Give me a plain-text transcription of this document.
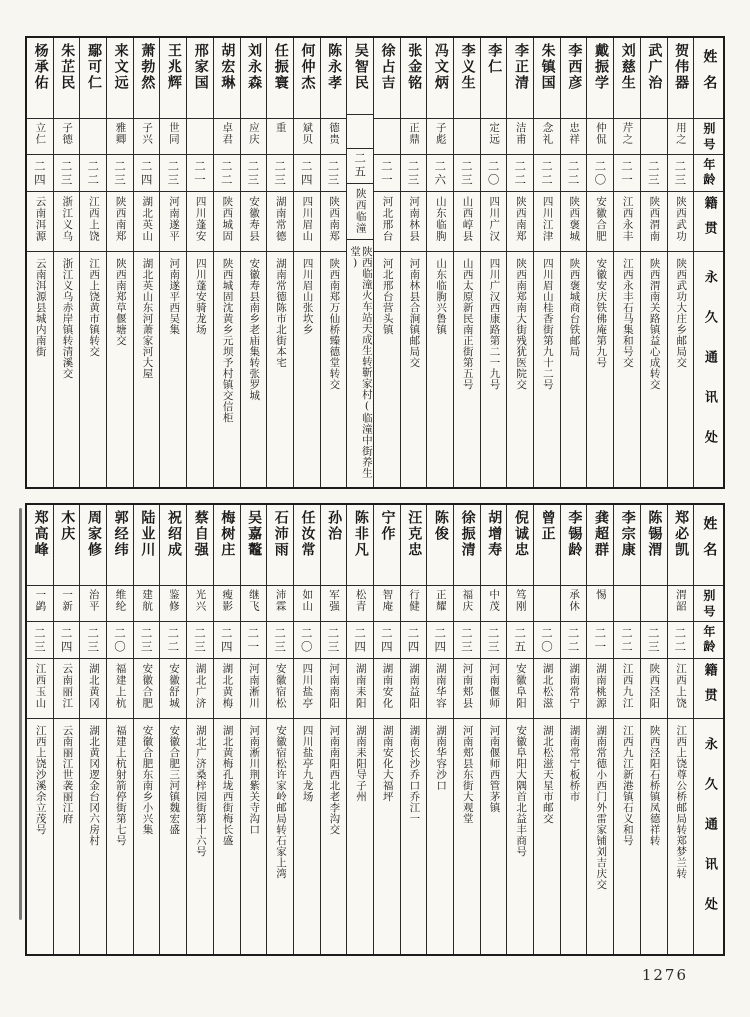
姓名
别号
年龄
籍贯
永久通讯处
贺伟器
用之
二三
陕西武功
陕西武功大庄乡邮局交
武广治
二三
陕西渭南
陕西渭南关路镇益心成转交
刘慈生
芹之
二一
江西永丰
江西永丰石马集和号交
戴振学
仲侃
二〇
安徽合肥
安徽安庆铁佛庵第九号
李西彦
忠祥
二二
陕西褒城
陕西褒城商台铁邮局
朱镇国
念礼
二二
四川江津
四川眉山桂香街第九十二号
李正清
洁甫
二二
陕西南郑
陕西南郑南大街残犹医院交
李仁
定远
二〇
四川广汉
四川广汉西康路第二一九号
李义生
二三
山西崞县
山西太原新民南正街第五号
冯文炳
子彪
二六
山东临朐
山东临朐兴鲁镇
张金铭
正鼎
二三
河南林县
河南林县合涧镇邮局交
徐占吉
二一
河北邢台
河北邢台营头镇
吴智民
二五
陕西临潼
陕西临潼火车站天成生转靳家村(临潼中街养生堂)
陈永孝
德贵
二三
陕西南郑
陕西南郑万仙桥臻德堂转交
何仲杰
斌贝
二四
四川眉山
四川眉山张坎乡
任振寰
重
二三
湖南常德
湖南常德陈市北街本宅
刘永森
应庆
二三
安徽寿县
安徽寿县南乡老庙集转张罗城
胡宏琳
卓君
二二
陕西城固
陕西城固沈黄乡元坝予村镇交信柜
邢家国
二一
四川蓬安
四川蓬安骑龙场
王兆辉
世同
二三
河南遂平
河南遂平西吴集
萧勃然
子兴
二四
湖北英山
湖北英山东河萧家河大屋
来文远
雅卿
二三
陕西南郑
陕西南郑草偃塘交
鄢可仁
二二
江西上饶
江西上饶黄市镇转交
朱芷民
子德
二三
浙江义乌
浙江义乌赤岸镇转清溪交
杨承佑
立仁
二四
云南洱源
云南洱源县城内南街
姓名
别号
年龄
籍贯
永久通讯处
郑必凯
渭韶
二二
江西上饶
江西上饶尊公桥邮局转郑梦兰转
陈锡渭
二三
陕西泾阳
陕西泾阳石桥镇凤德祥转
李宗康
二二
江西九江
江西九江新港镇石义和号
龚超群
惕
二一
湖南桃源
湖南常德小西门外雷家铺刘吉庆交
李锡龄
承休
二二
湖南常宁
湖南常宁板桥市
曾正
二〇
湖北松滋
湖北松滋天星市邮交
倪诚忠
笃刚
二五
安徽阜阳
安徽阜阳大隅首北益丰商号
胡增寿
中茂
二三
河南偃师
河南偃师西管茅镇
徐振清
福庆
二三
河南郏县
河南郏县东街大观堂
陈俊
正耀
二四
湖南华容
湖南华容沙口
汪克忠
行健
二四
湖南益阳
湖南长沙乔口乔江一
宁作
智庵
二四
湖南安化
湖南安化大福坪
陈非凡
松青
二四
湖南耒阳
湖南耒阳导子州
孙治
军强
二三
河南南阳
河南南阳西北老李沟交
任汝常
如山
二〇
四川盐亭
四川盐亭九龙场
石沛雨
沛霖
二三
安徽宿松
安徽宿松许家岭邮局转石家上湾
吴嘉鼇
继飞
二一
河南淅川
河南淅川荆紫关寺沟口
梅树庄
瘦影
二四
湖北黄梅
湖北黄梅孔垅西街梅长盛
蔡自强
光兴
二三
湖北广济
湖北广济桑梓园街第十六号
祝绍成
鉴修
二二
安徽舒城
安徽合肥三河镇魏宏盛
陆业川
建航
二三
安徽合肥
安徽合肥东南乡小兴集
郭经纬
维纶
二〇
福建上杭
福建上杭射箭停街第七号
周家修
治平
二三
湖北黄冈
湖北黄冈逻金台冈六房村
木庆
一新
二四
云南丽江
云南丽江世袭丽江府
郑高峰
一鹢
二三
江西玉山
江西上饶沙溪余立茂号
1276
